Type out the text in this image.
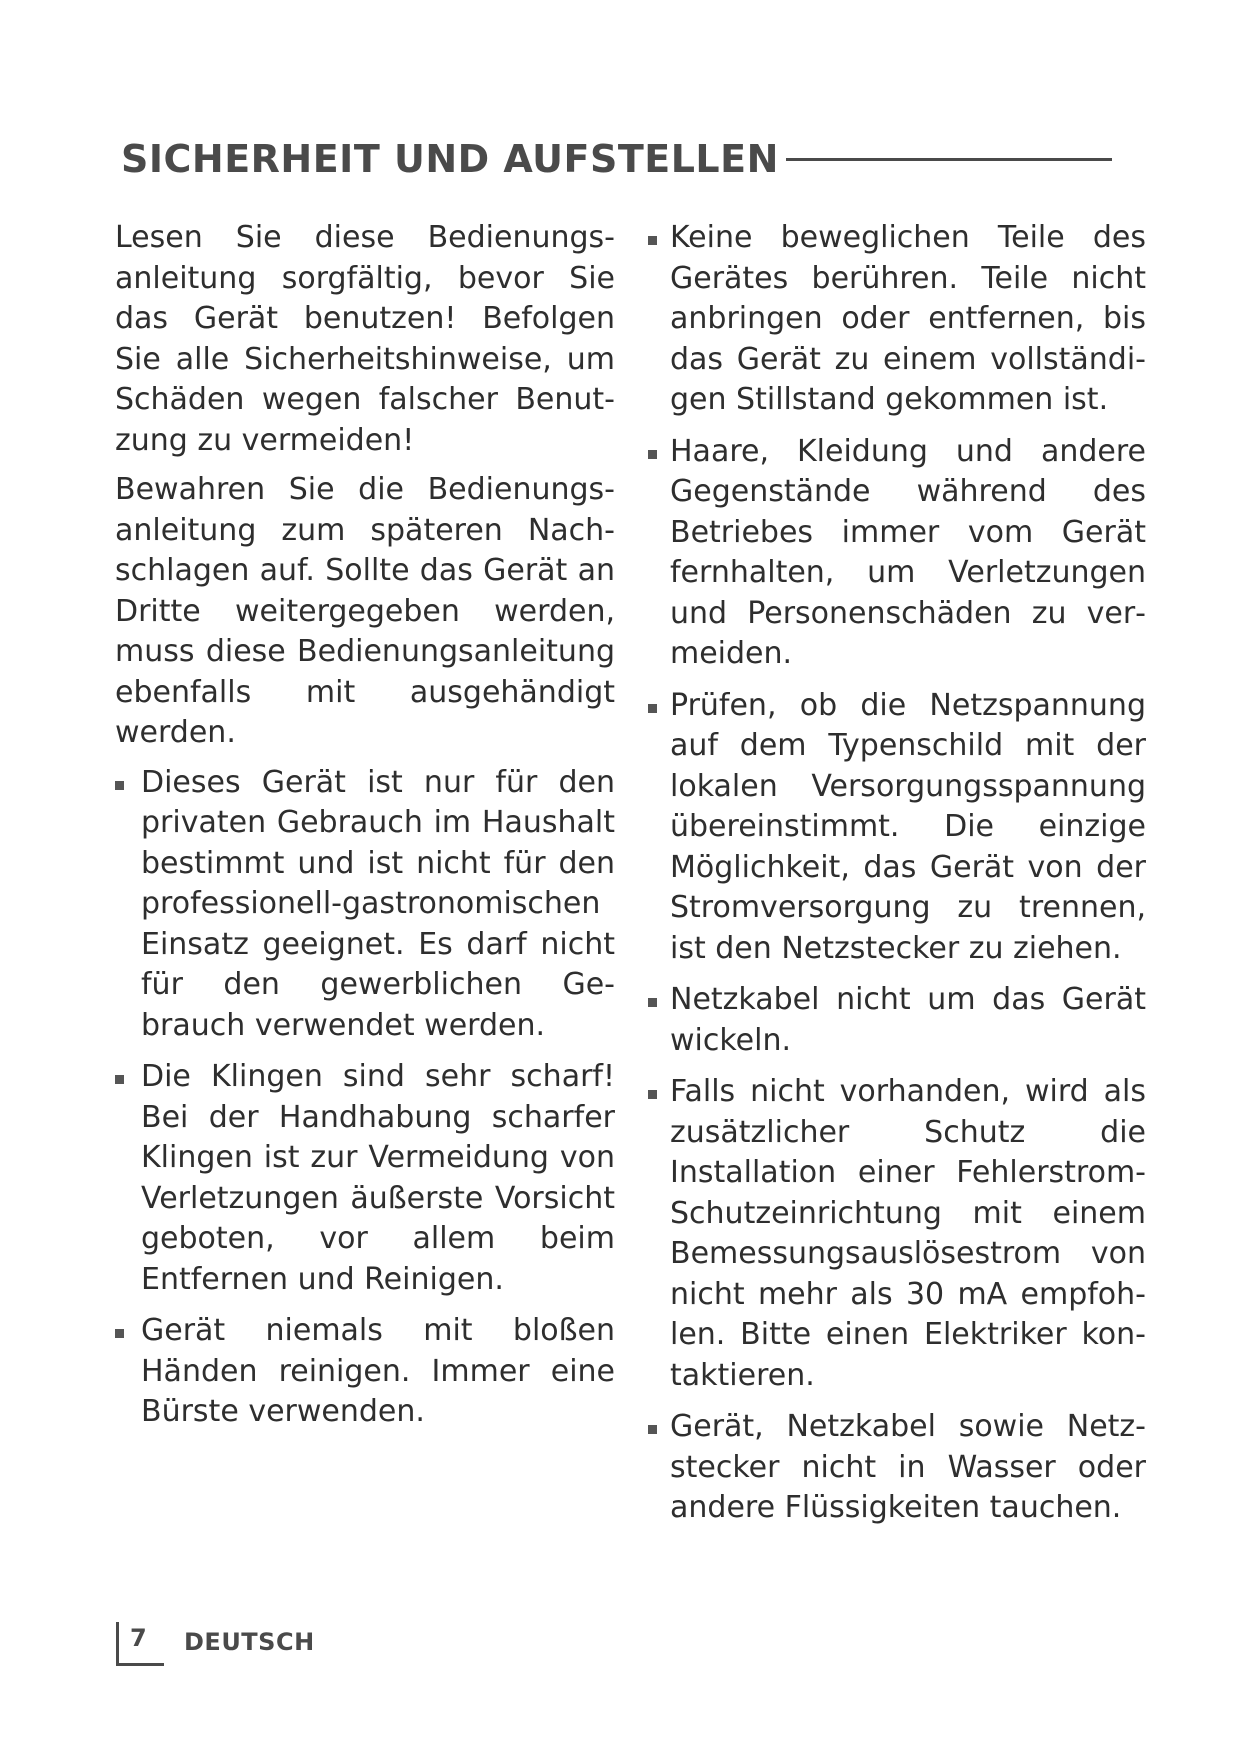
SICHERHEIT UND AUFSTELLEN

Lesen Sie diese Bedienungsanleitung sorgfältig, bevor Sie das Gerät benutzen! Befolgen Sie alle Sicherheitshinweise, um Schäden wegen falscher Benutzung zu vermeiden!

Bewahren Sie die Bedienungsanleitung zum späteren Nachschlagen auf. Sollte das Gerät an Dritte weitergegeben werden, muss diese Bedienungsanleitung ebenfalls mit ausgehändigt werden.

Dieses Gerät ist nur für den privaten Gebrauch im Haushalt bestimmt und ist nicht für den professionell-gastronomischen Einsatz geeignet. Es darf nicht für den gewerblichen Gebrauch verwendet werden.
Die Klingen sind sehr scharf! Bei der Handhabung scharfer Klingen ist zur Vermeidung von Verletzungen äußerste Vorsicht geboten, vor allem beim Entfernen und Reinigen.
Gerät niemals mit bloßen Händen reinigen. Immer eine Bürste verwenden.
Keine beweglichen Teile des Gerätes berühren. Teile nicht anbringen oder entfernen, bis das Gerät zu einem vollständigen Stillstand gekommen ist.
Haare, Kleidung und andere Gegenstände während des Betriebes immer vom Gerät fernhalten, um Verletzungen und Personenschäden zu vermeiden.
Prüfen, ob die Netzspannung auf dem Typenschild mit der lokalen Versorgungsspannung übereinstimmt. Die einzige Möglichkeit, das Gerät von der Stromversorgung zu trennen, ist den Netzstecker zu ziehen.
Netzkabel nicht um das Gerät wickeln.
Falls nicht vorhanden, wird als zusätzlicher Schutz die Installation einer Fehlerstrom-Schutzeinrichtung mit einem Bemessungsauslösestrom von nicht mehr als 30 mA empfohlen. Bitte einen Elektriker kontaktieren.
Gerät, Netzkabel sowie Netzstecker nicht in Wasser oder andere Flüssigkeiten tauchen.
7 DEUTSCH
